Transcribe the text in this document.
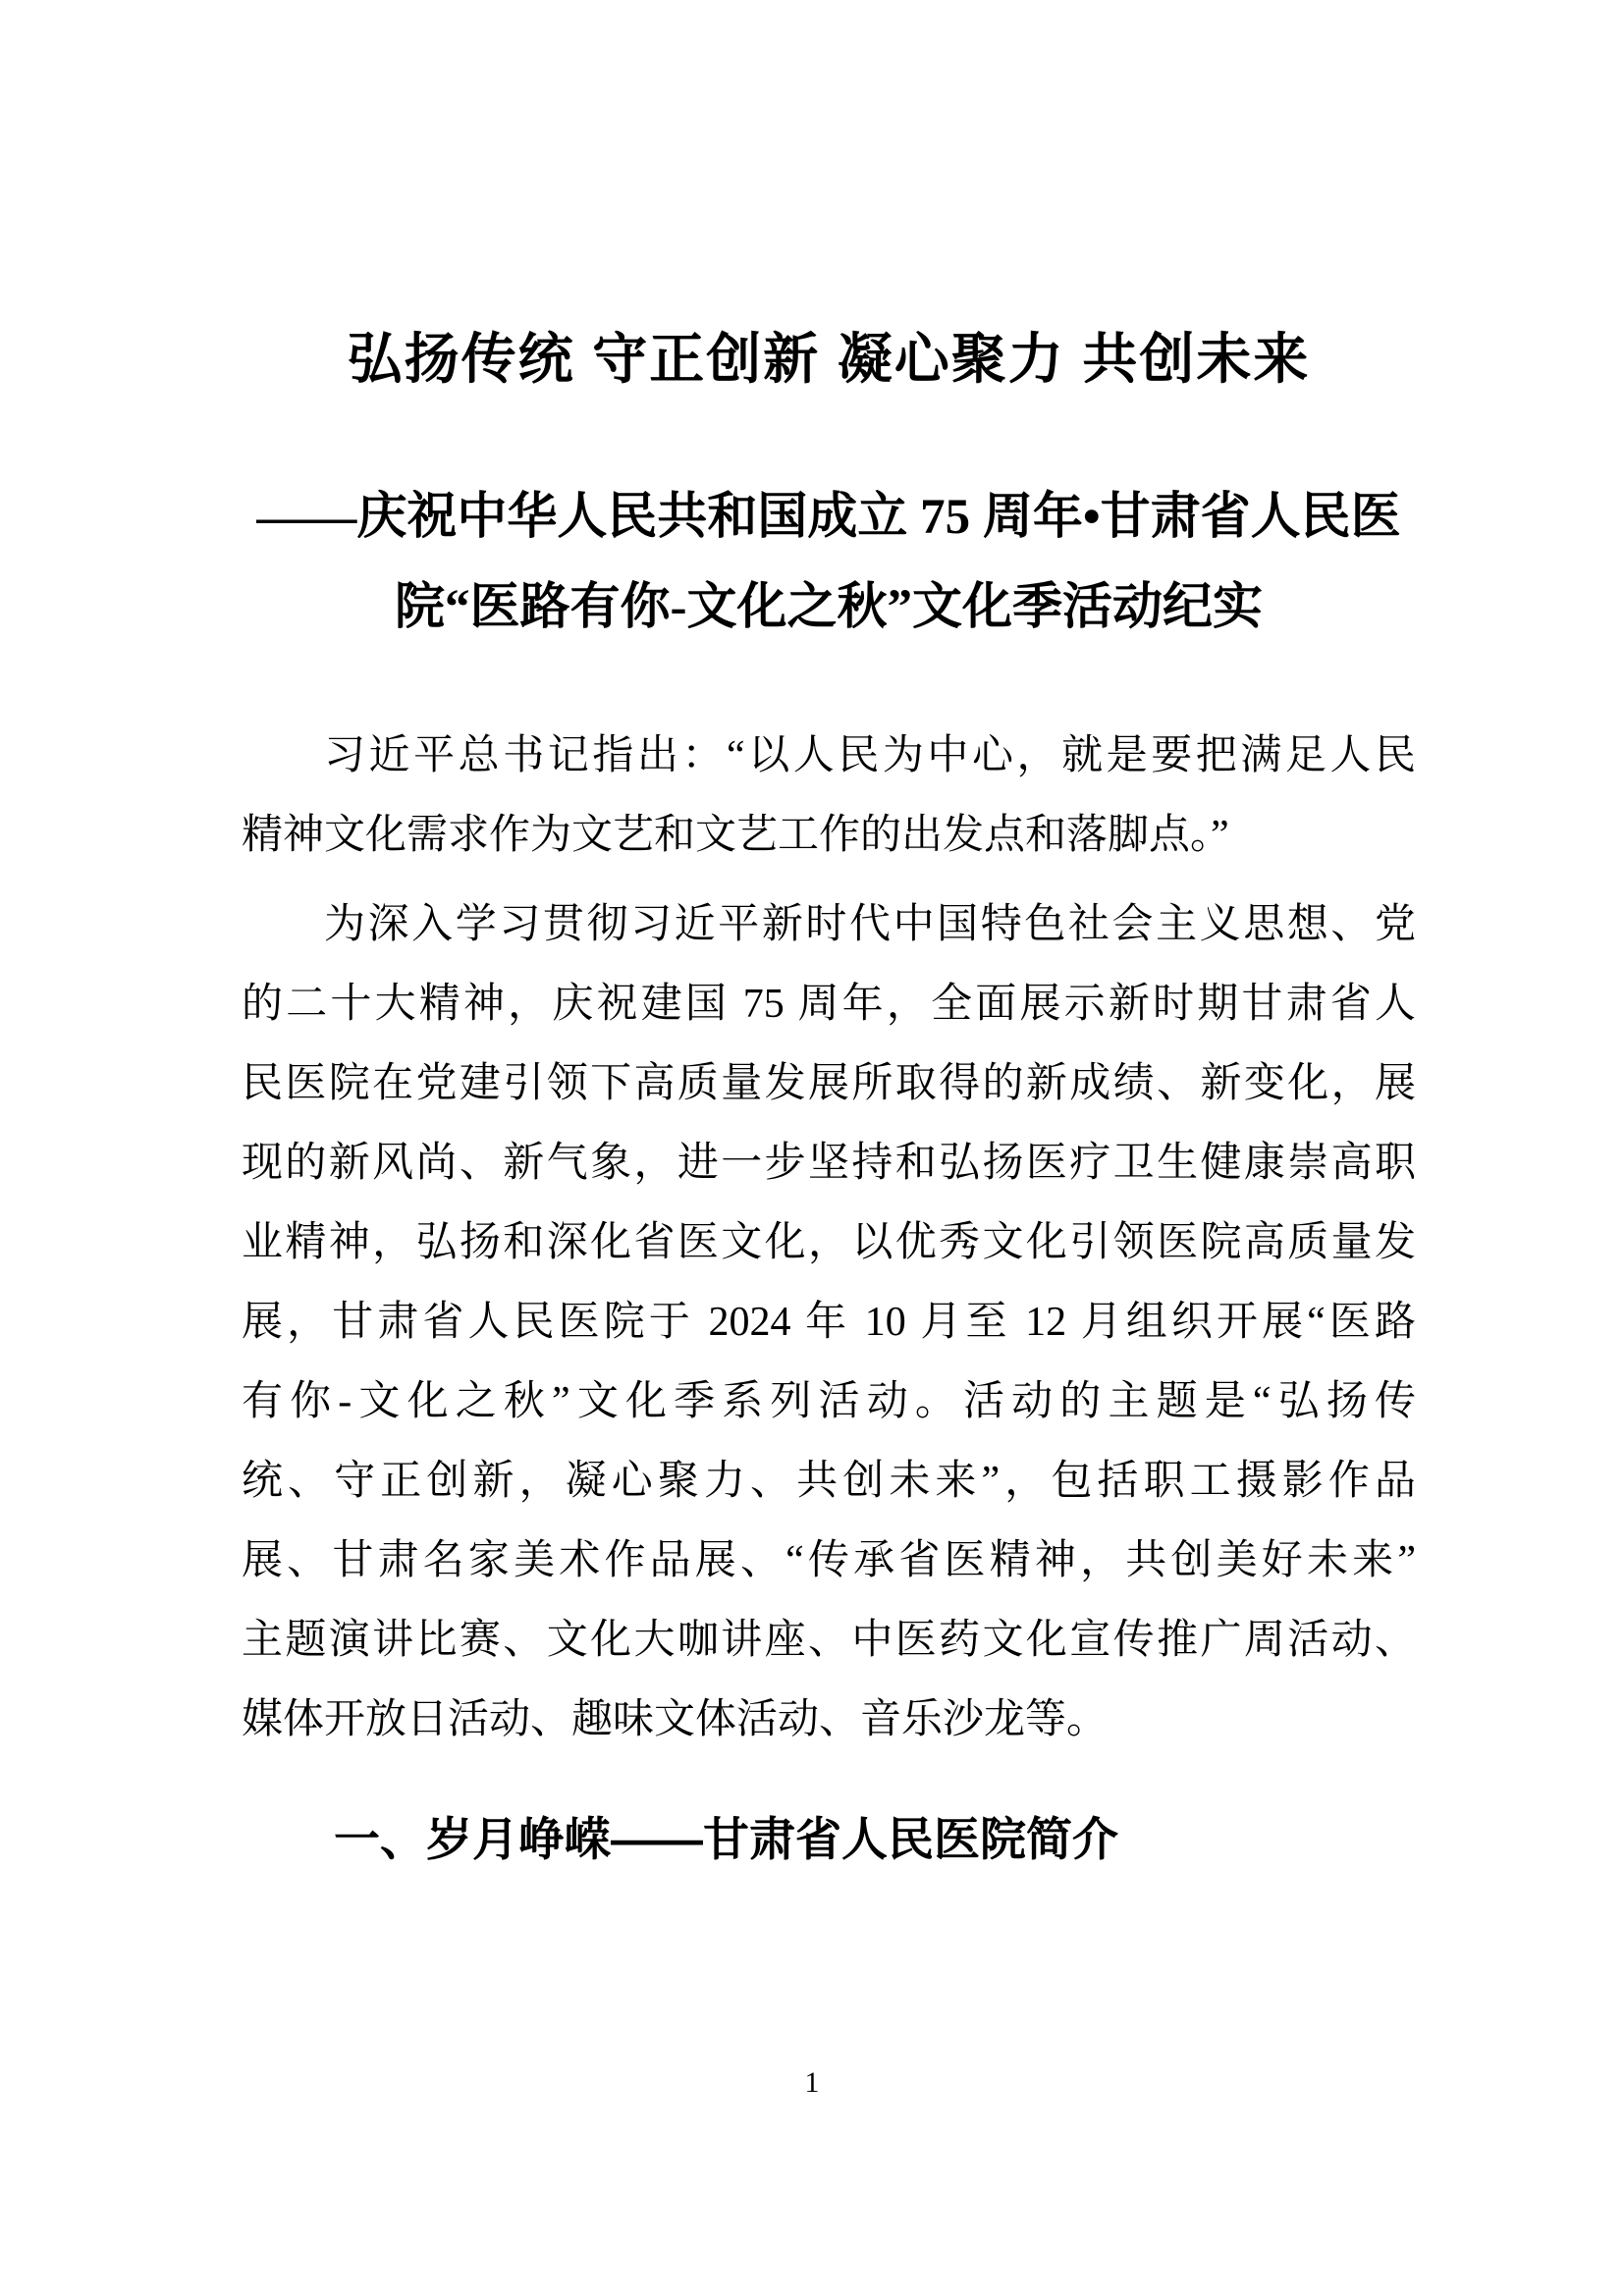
弘扬传统 守正创新 凝心聚力 共创未来
——庆祝中华人民共和国成立 75 周年•甘肃省人民医
院“医路有你-文化之秋”文化季活动纪实
习近平总书记指出：“以人民为中心，就是要把满足人民
精神文化需求作为文艺和文艺工作的出发点和落脚点。”
为深入学习贯彻习近平新时代中国特色社会主义思想、党
的二十大精神，庆祝建国 75 周年，全面展示新时期甘肃省人
民医院在党建引领下高质量发展所取得的新成绩、新变化，展
现的新风尚、新气象，进一步坚持和弘扬医疗卫生健康崇高职
业精神，弘扬和深化省医文化，以优秀文化引领医院高质量发
展，甘肃省人民医院于 2024 年 10 月至 12 月组织开展“医路
有你-文化之秋”文化季系列活动。活动的主题是“弘扬传
统、守正创新，凝心聚力、共创未来”，包括职工摄影作品
展、甘肃名家美术作品展、“传承省医精神，共创美好未来”
主题演讲比赛、文化大咖讲座、中医药文化宣传推广周活动、
媒体开放日活动、趣味文体活动、音乐沙龙等。
一、岁月峥嵘——甘肃省人民医院简介
1
